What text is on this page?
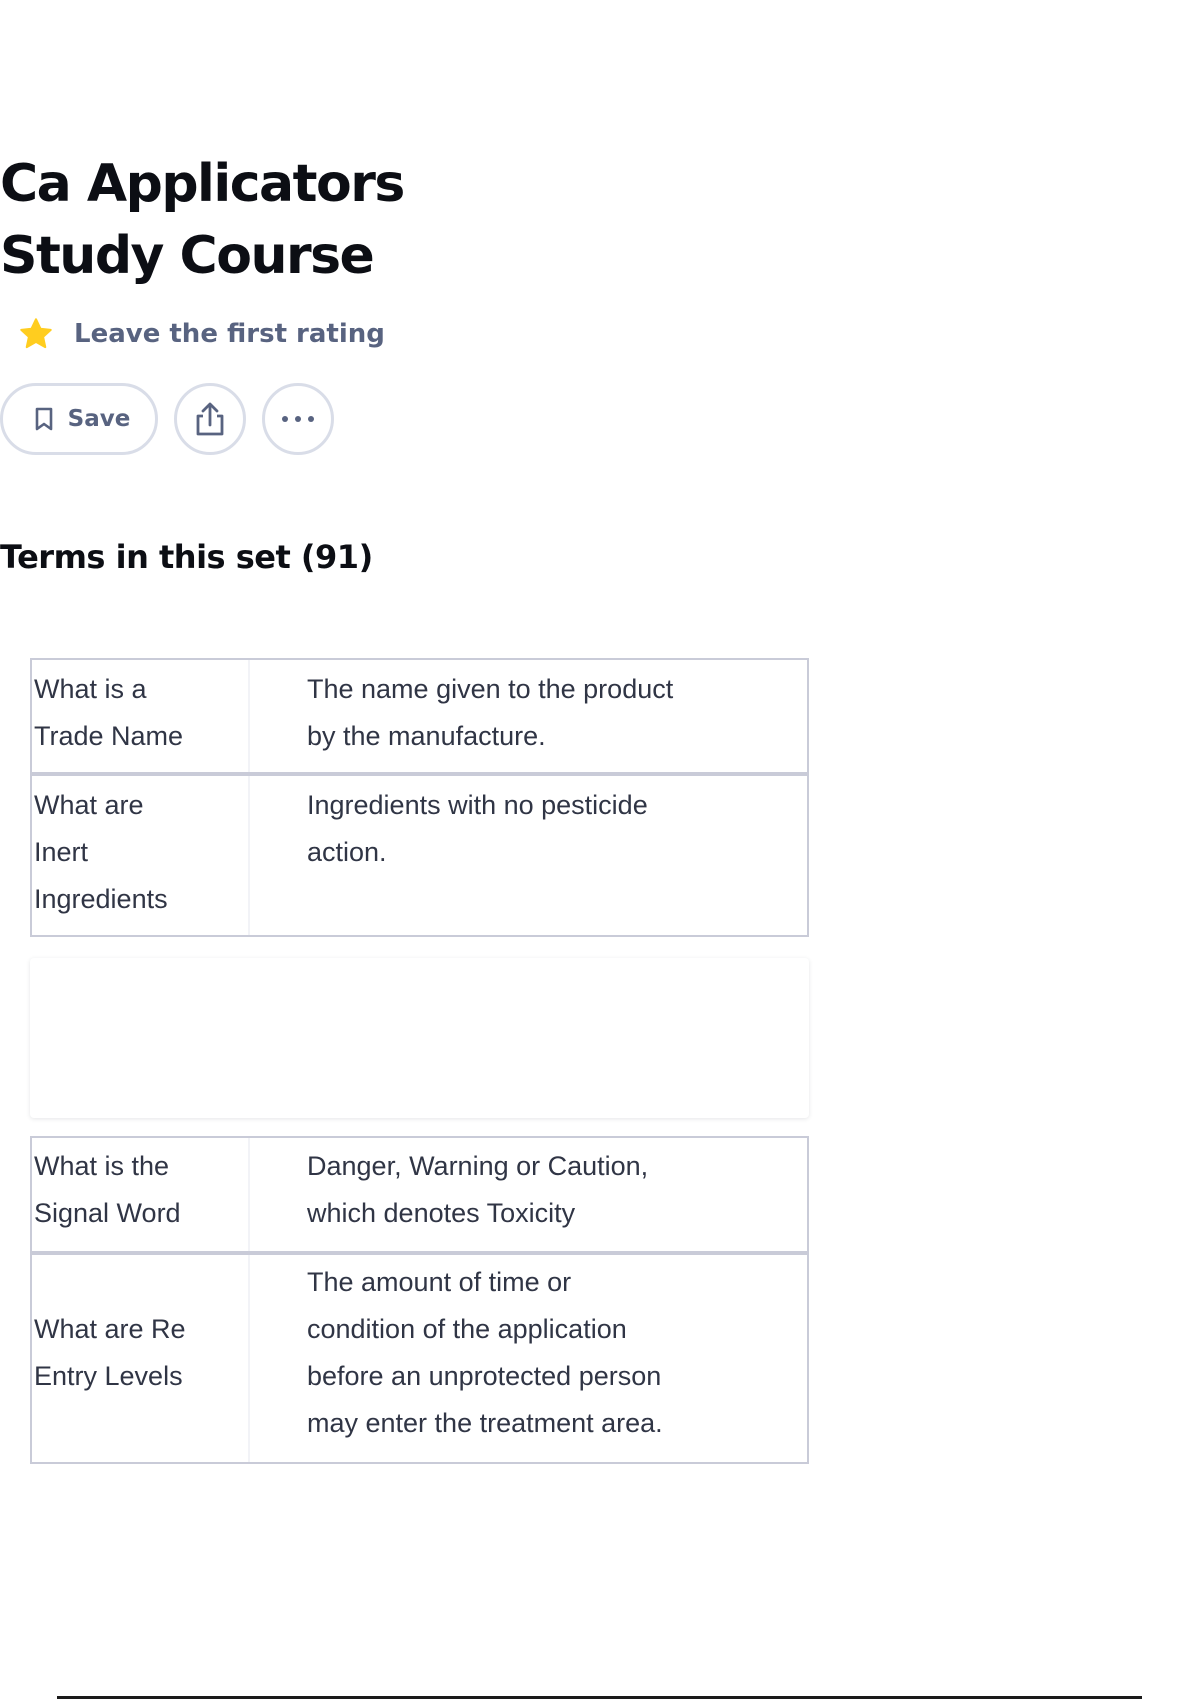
Ca Applicators
Study Course
Leave the first rating
Save
Terms in this set (91)
What is a
Trade Name
The name given to the product
by the manufacture.
What are
Inert
Ingredients
Ingredients with no pesticide
action.
What is the
Signal Word
Danger, Warning or Caution,
which denotes Toxicity
What are Re
Entry Levels
The amount of time or
condition of the application
before an unprotected person
may enter the treatment area.
